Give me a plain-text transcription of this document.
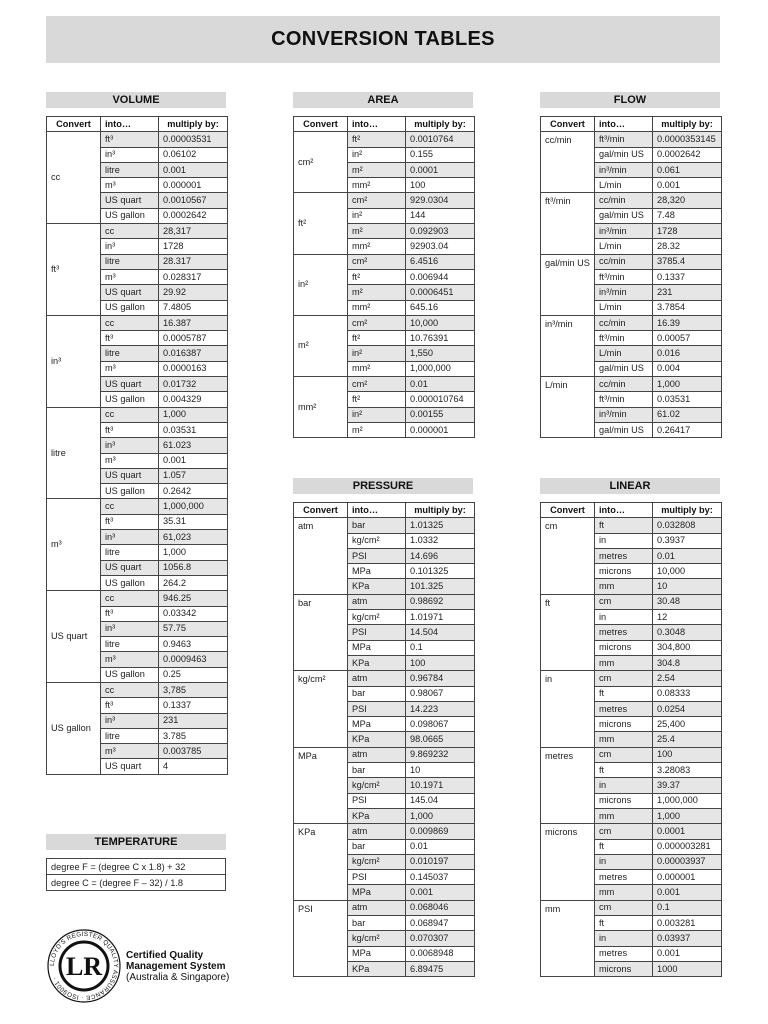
CONVERSION TABLES
VOLUME
Convert	into…	multiply by:
cc	ft³	0.00003531
	in³	0.06102
	litre	0.001
	m³	0.000001
	US quart	0.0010567
	US gallon	0.0002642
ft³	cc	28,317
	in³	1728
	litre	28.317
	m³	0.028317
	US quart	29.92
	US gallon	7.4805
in³	cc	16.387
	ft³	0.0005787
	litre	0.016387
	m³	0.0000163
	US quart	0.01732
	US gallon	0.004329
litre	cc	1,000
	ft³	0.03531
	in³	61.023
	m³	0.001
	US quart	1.057
	US gallon	0.2642
m³	cc	1,000,000
	ft³	35.31
	in³	61,023
	litre	1,000
	US quart	1056.8
	US gallon	264.2
US quart	cc	946.25
	ft³	0.03342
	in³	57.75
	litre	0.9463
	m³	0.0009463
	US gallon	0.25
US gallon	cc	3,785
	ft³	0.1337
	in³	231
	litre	3.785
	m³	0.003785
	US quart	4
AREA
Convert	into…	multiply by:
cm²	ft²	0.0010764
	in²	0.155
	m²	0.0001
	mm²	100
ft²	cm²	929.0304
	in²	144
	m²	0.092903
	mm²	92903.04
in²	cm²	6.4516
	ft²	0.006944
	m²	0.0006451
	mm²	645.16
m²	cm²	10,000
	ft²	10.76391
	in²	1,550
	mm²	1,000,000
mm²	cm²	0.01
	ft²	0.000010764
	in²	0.00155
	m²	0.000001
FLOW
Convert	into…	multiply by:
cc/min	ft³/min	0.0000353145
	gal/min US	0.0002642
	in³/min	0.061
	L/min	0.001
ft³/min	cc/min	28,320
	gal/min US	7.48
	in³/min	1728
	L/min	28.32
gal/min US	cc/min	3785.4
	ft³/min	0.1337
	in³/min	231
	L/min	3.7854
in³/min	cc/min	16.39
	ft³/min	0.00057
	L/min	0.016
	gal/min US	0.004
L/min	cc/min	1,000
	ft³/min	0.03531
	in³/min	61.02
	gal/min US	0.26417
PRESSURE
Convert	into…	multiply by:
atm	bar	1.01325
	kg/cm²	1.0332
	PSI	14.696
	MPa	0.101325
	KPa	101.325
bar	atm	0.98692
	kg/cm²	1.01971
	PSI	14.504
	MPa	0.1
	KPa	100
kg/cm²	atm	0.96784
	bar	0.98067
	PSI	14.223
	MPa	0.098067
	KPa	98.0665
MPa	atm	9.869232
	bar	10
	kg/cm²	10.1971
	PSI	145.04
	KPa	1,000
KPa	atm	0.009869
	bar	0.01
	kg/cm²	0.010197
	PSI	0.145037
	MPa	0.001
PSI	atm	0.068046
	bar	0.068947
	kg/cm²	0.070307
	MPa	0.0068948
	KPa	6.89475
LINEAR
Convert	into…	multiply by:
cm	ft	0.032808
	in	0.3937
	metres	0.01
	microns	10,000
	mm	10
ft	cm	30.48
	in	12
	metres	0.3048
	microns	304,800
	mm	304.8
in	cm	2.54
	ft	0.08333
	metres	0.0254
	microns	25,400
	mm	25.4
metres	cm	100
	ft	3.28083
	in	39.37
	microns	1,000,000
	mm	1,000
microns	cm	0.0001
	ft	0.000003281
	in	0.00003937
	metres	0.000001
	mm	0.001
mm	cm	0.1
	ft	0.003281
	in	0.03937
	metres	0.001
	microns	1000
TEMPERATURE
degree F = (degree C x 1.8) + 32
degree C = (degree F – 32) / 1.8
LLOYD'S REGISTER QUALITY ASSURANCE · ISO9001 · LR Certified Quality
Management System
(Australia & Singapore)
